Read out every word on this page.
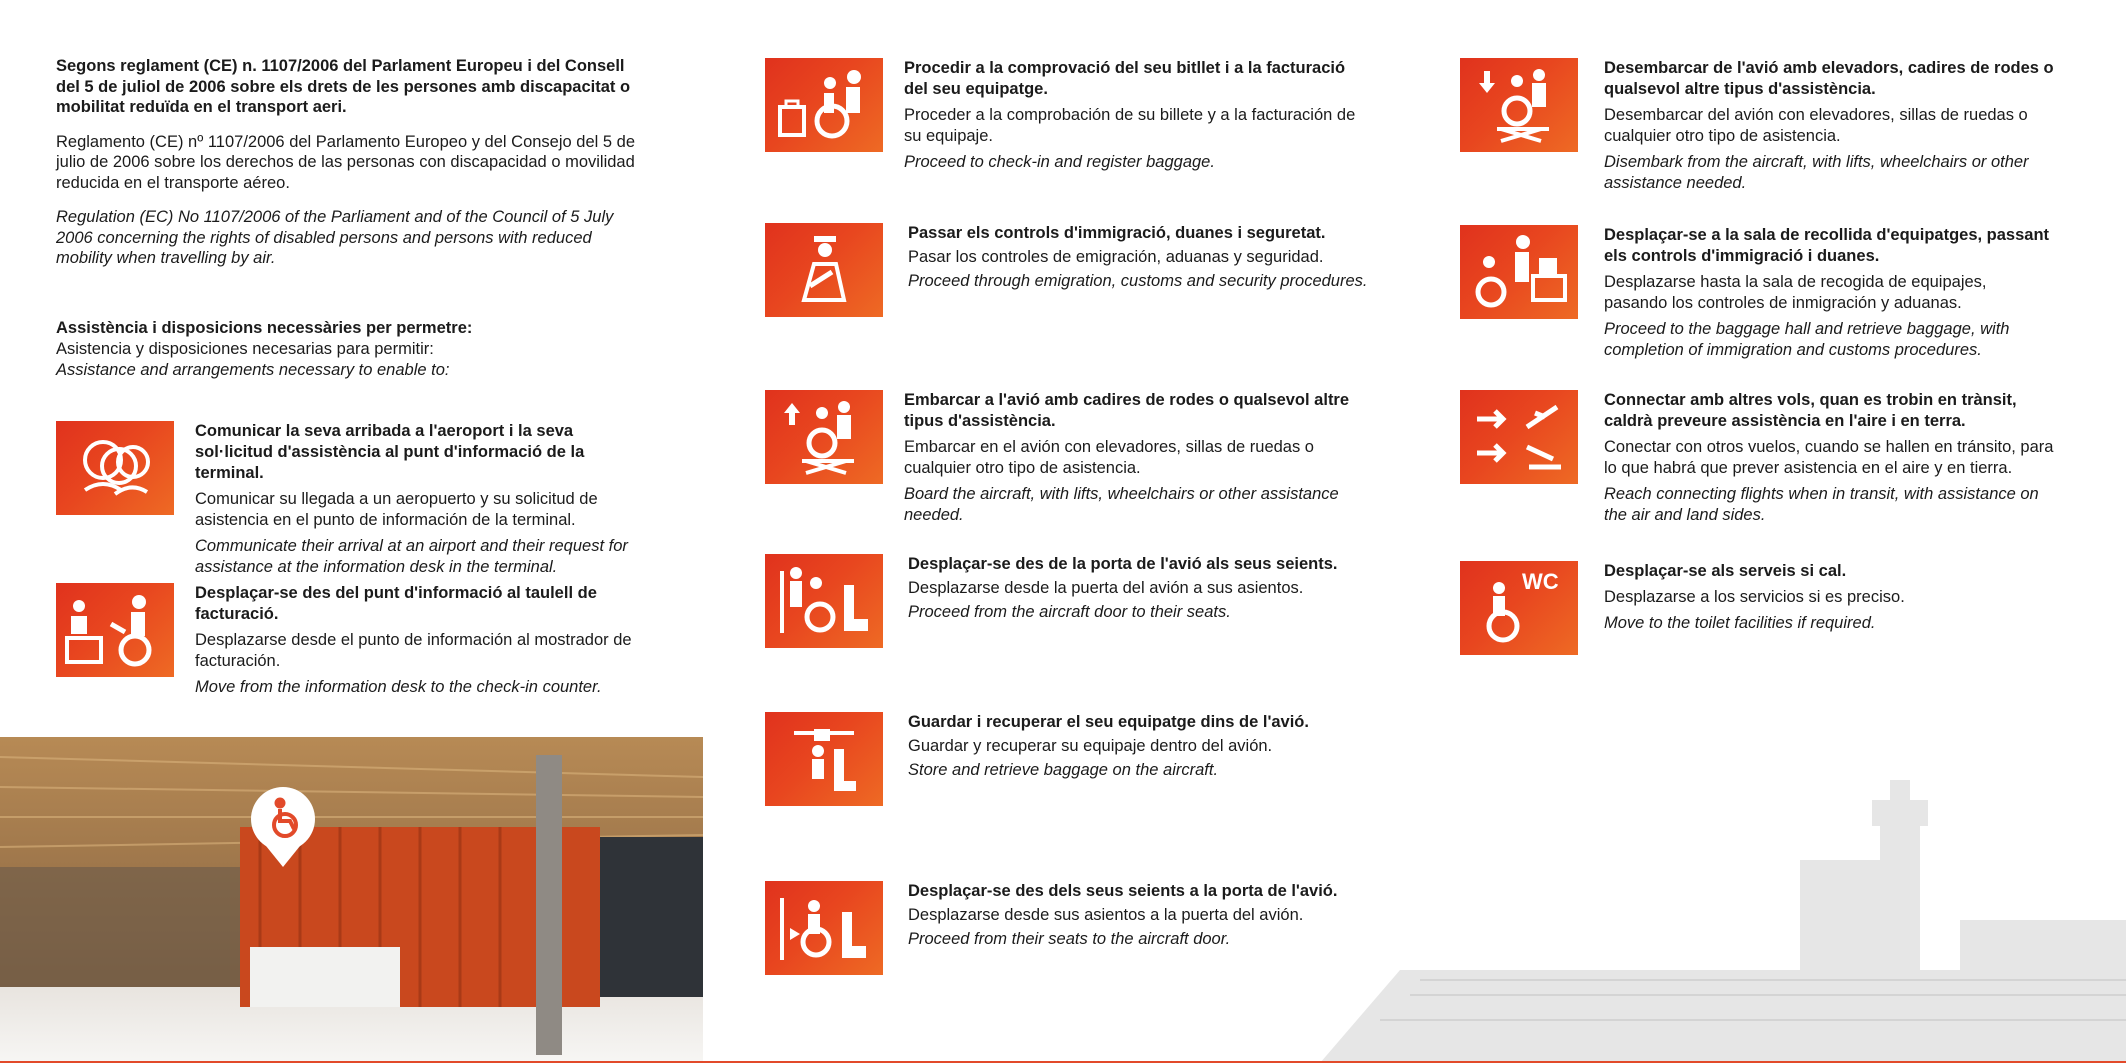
Segons reglament (CE) n. 1107/2006 del Parlament Europeu i del Consell del 5 de juliol de 2006 sobre els drets de les persones amb discapacitat o mobilitat reduïda en el transport aeri.

Reglamento (CE) nº 1107/2006 del Parlamento Europeo y del Consejo del 5 de julio de 2006 sobre los derechos de las personas con discapacidad o movilidad reducida en el transporte aéreo.

Regulation (EC) No 1107/2006 of the Parliament and of the Council of 5 July 2006 concerning the rights of disabled persons and persons with reduced mobility when travelling by air.

Assistència i disposicions necessàries per permetre:
Asistencia y disposiciones necesarias para permitir:
Assistance and arrangements necessary to enable to:
Comunicar la seva arribada a l'aeroport i la seva sol·licitud d'assistència al punt d'informació de la terminal.
Comunicar su llegada a un aeropuerto y su solicitud de asistencia en el punto de información de la terminal.
Communicate their arrival at an airport and their request for assistance at the information desk in the terminal.
Desplaçar-se des del punt d'informació al taulell de facturació.
Desplazarse desde el punto de información al mostrador de facturación.
Move from the information desk to the check-in counter.
Procedir a la comprovació del seu bitllet i a la facturació del seu equipatge.
Proceder a la comprobación de su billete y a la facturación de su equipaje.
Proceed to check-in and register baggage.
Passar els controls d'immigració, duanes i seguretat.
Pasar los controles de emigración, aduanas y seguridad.
Proceed through emigration, customs and security procedures.
Embarcar a l'avió amb cadires de rodes o qualsevol altre tipus d'assistència.
Embarcar en el avión con elevadores, sillas de ruedas o cualquier otro tipo de asistencia.
Board the aircraft, with lifts, wheelchairs or other assistance needed.
Desplaçar-se des de la porta de l'avió als seus seients.
Desplazarse desde la puerta del avión a sus asientos.
Proceed from the aircraft door to their seats.
Guardar i recuperar el seu equipatge dins de l'avió.
Guardar y recuperar su equipaje dentro del avión.
Store and retrieve baggage on the aircraft.
Desplaçar-se des dels seus seients a la porta de l'avió.
Desplazarse desde sus asientos a la puerta del avión.
Proceed from their seats to the aircraft door.
Desembarcar de l'avió amb elevadors, cadires de rodes o qualsevol altre tipus d'assistència.
Desembarcar del avión con elevadores, sillas de ruedas o cualquier otro tipo de asistencia.
Disembark from the aircraft, with lifts, wheelchairs or other assistance needed.
Desplaçar-se a la sala de recollida d'equipatges, passant els controls d'immigració i duanes.
Desplazarse hasta la sala de recogida de equipajes, pasando los controles de inmigración y aduanas.
Proceed to the baggage hall and retrieve baggage, with completion of immigration and customs procedures.
Connectar amb altres vols, quan es trobin en trànsit, caldrà preveure assistència en l'aire i en terra.
Conectar con otros vuelos, cuando se hallen en tránsito, para lo que habrá que prever asistencia en el aire y en tierra.
Reach connecting flights when in transit, with assistance on the air and land sides.
WC	Desplaçar-se als serveis si cal.
Desplazarse a los servicios si es preciso.
Move to the toilet facilities if required.
